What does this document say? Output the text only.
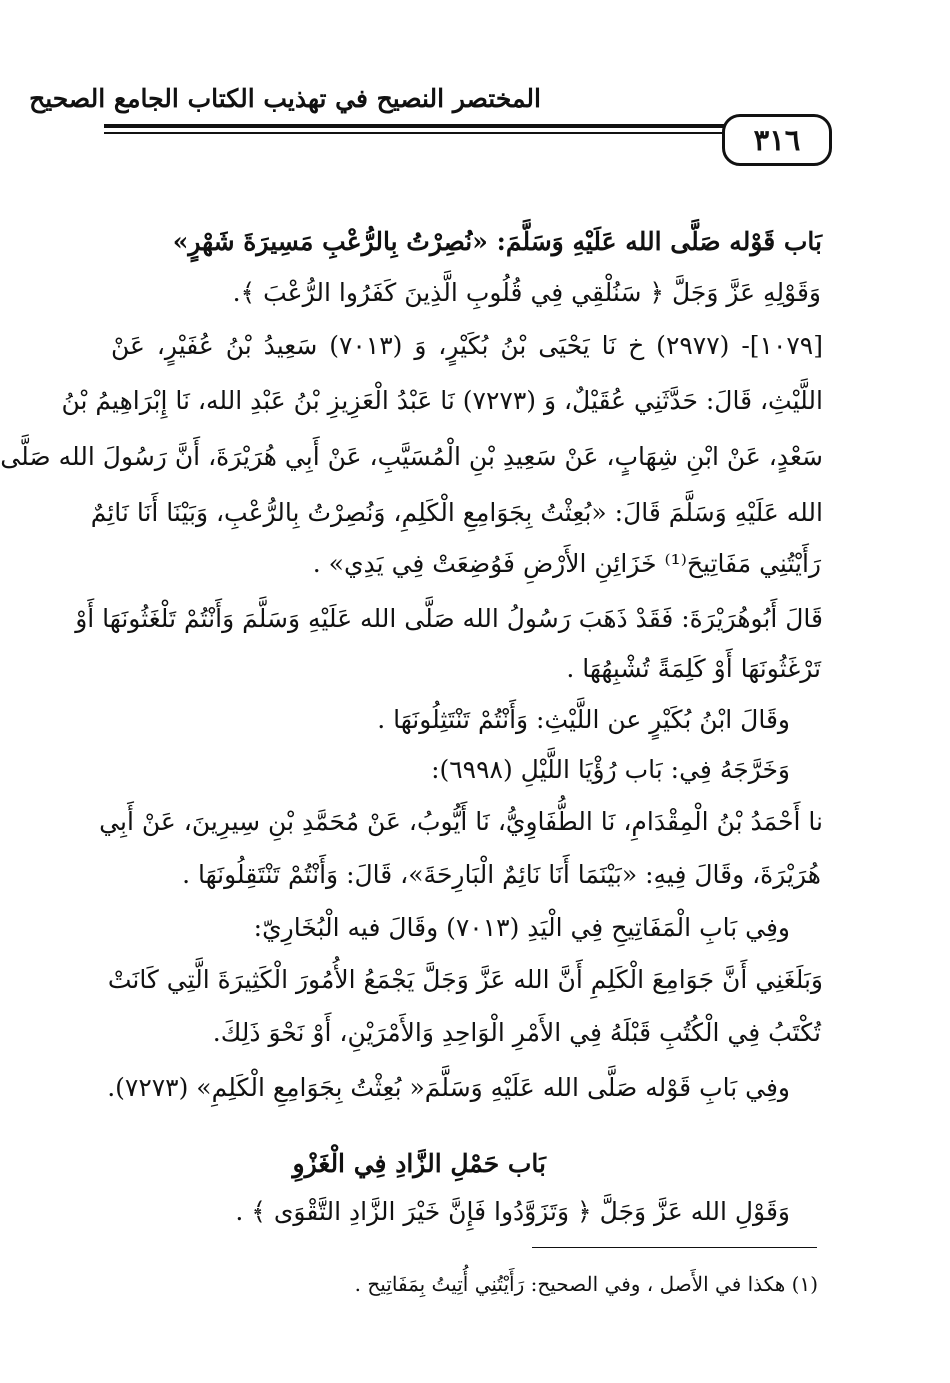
المختصر النصيح في تهذيب الكتاب الجامع الصحيح
٣١٦
بَاب قَوْله صَلَّى الله عَلَيْهِ وَسَلَّمَ: «نُصِرْتُ بِالرُّعْبِ مَسِيرَةَ شَهْرٍ»
وَقَوْلِهِ عَزَّ وَجَلَّ ﴿ سَنُلْقِي فِي قُلُوبِ الَّذِينَ كَفَرُوا الرُّعْبَ ﴾.
[١٠٧٩]- (٢٩٧٧) خ نَا يَحْيَى بْنُ بُكَيْرٍ، وَ (٧٠١٣) سَعِيدُ بْنُ عُفَيْرٍ، عَنْ
اللَّيْثِ، قَالَ: حَدَّثَنِي عُقَيْلٌ، وَ (٧٢٧٣) نَا عَبْدُ الْعَزِيزِ بْنُ عَبْدِ الله، نَا إِبْرَاهِيمُ بْنُ
سَعْدٍ، عَنْ ابْنِ شِهَابٍ، عَنْ سَعِيدِ بْنِ الْمُسَيَّبِ، عَنْ أَبِي هُرَيْرَةَ، أَنَّ رَسُولَ الله صَلَّى
الله عَلَيْهِ وَسَلَّمَ قَالَ: «بُعِثْتُ بِجَوَامِعِ الْكَلِمِ، وَنُصِرْتُ بِالرُّعْبِ، وَبَيْنَا أَنَا نَائِمٌ
رَأَيْتُنِي مَفَاتِيحَ⁽¹⁾ خَزَائِنِ الأَرْضِ فَوُضِعَتْ فِي يَدِي» .
قَالَ أَبُوهُرَيْرَةَ: فَقَدْ ذَهَبَ رَسُولُ الله صَلَّى الله عَلَيْهِ وَسَلَّمَ وَأَنْتُمْ تَلْغَثُونَهَا أَوْ
تَرْغَثُونَهَا أَوْ كَلِمَةً تُشْبِهُهَا .
وقَالَ ابْنُ بُكَيْرٍ عن اللَّيْثِ: وَأَنْتُمْ تَنْتَثِلُونَهَا .
وَخَرَّجَهُ فِي: بَاب رُؤْيَا اللَّيْلِ (٦٩٩٨):
نا أَحْمَدُ بْنُ الْمِقْدَامِ، نَا الطُّفَاوِيُّ، نَا أَيُّوبُ، عَنْ مُحَمَّدِ بْنِ سِيرِينَ، عَنْ أَبِي
هُرَيْرَةَ، وقَالَ فِيهِ: «بَيْنَمَا أَنَا نَائِمٌ الْبَارِحَةَ»، قَالَ: وَأَنْتُمْ تَنْتَقِلُونَهَا .
وفِي بَابِ الْمَفَاتِيحِ فِي الْيَدِ (٧٠١٣) وقَالَ فيه الْبُخَارِيّ:
وَبَلَغَنِي أَنَّ جَوَامِعَ الْكَلِمِ أَنَّ الله عَزَّ وَجَلَّ يَجْمَعُ الأُمُورَ الْكَثِيرَةَ الَّتِي كَانَتْ
تُكْتَبُ فِي الْكُتُبِ قَبْلَهُ فِي الأَمْرِ الْوَاحِدِ وَالأَمْرَيْنِ، أَوْ نَحْوَ ذَلِكَ.
وفِي بَابِ قَوْله صَلَّى الله عَلَيْهِ وَسَلَّمَ« بُعِثْتُ بِجَوَامِعِ الْكَلِمِ» (٧٢٧٣).
بَاب حَمْلِ الزَّادِ فِي الْغَزْوِ
وَقَوْلِ الله عَزَّ وَجَلَّ ﴿ وَتَزَوَّدُوا فَإِنَّ خَيْرَ الزَّادِ التَّقْوَى ﴾ .
(١) هكذا في الأَصل ، وفي الصحيح: رَأَيْتُنِي أُتِيتُ بِمَفَاتِيح .
